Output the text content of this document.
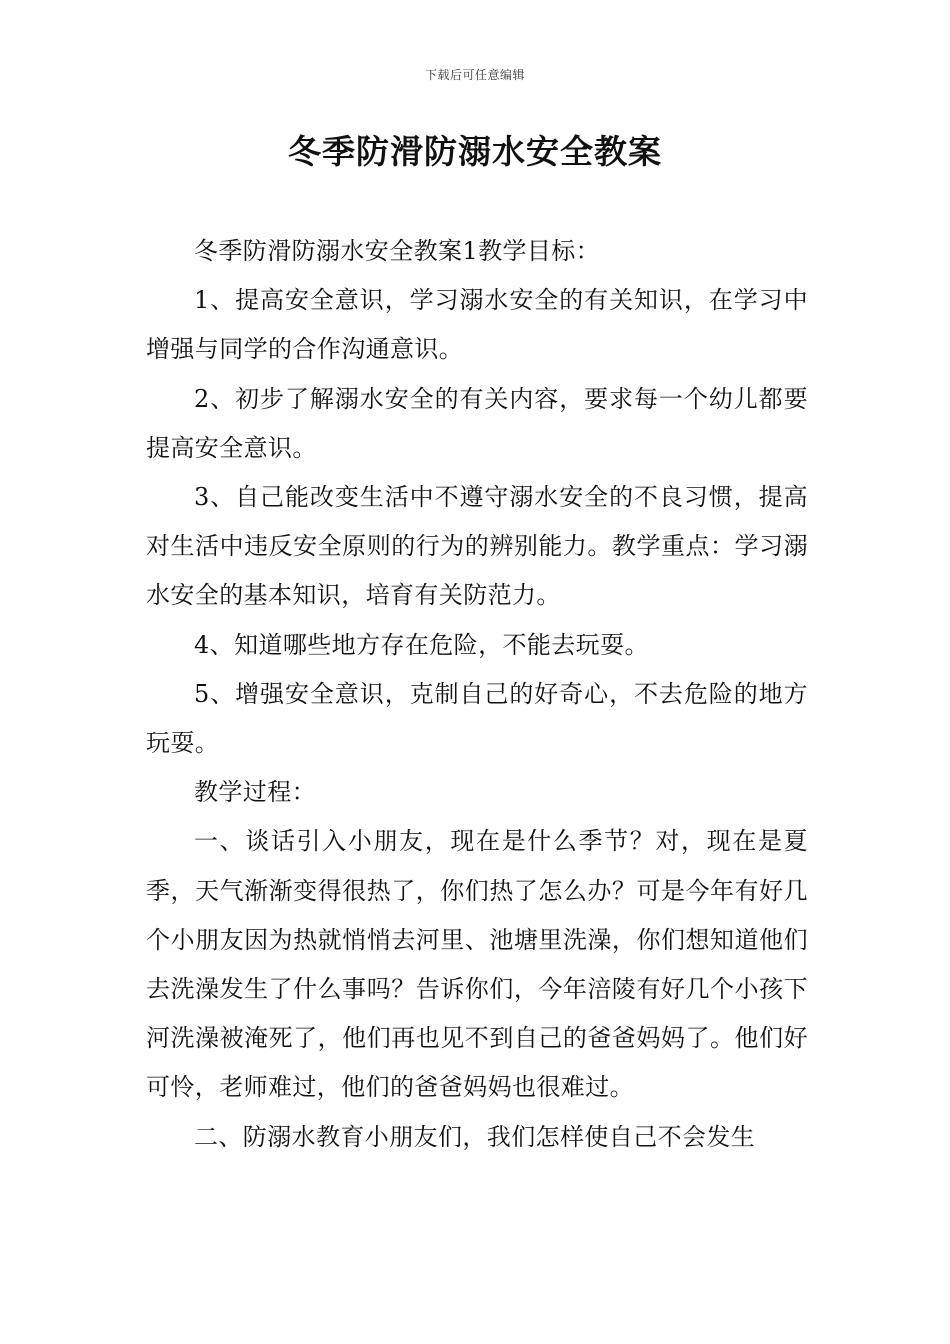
下载后可任意编辑
冬季防滑防溺水安全教案

冬季防滑防溺水安全教案1教学目标：

1、提高安全意识，学习溺水安全的有关知识，在学习中增强与同学的合作沟通意识。

2、初步了解溺水安全的有关内容，要求每一个幼儿都要提高安全意识。

3、自己能改变生活中不遵守溺水安全的不良习惯，提高对生活中违反安全原则的行为的辨别能力。教学重点：学习溺水安全的基本知识，培育有关防范力。

4、知道哪些地方存在危险，不能去玩耍。

5、增强安全意识，克制自己的好奇心，不去危险的地方玩耍。

教学过程：

一、谈话引入小朋友，现在是什么季节？对，现在是夏季，天气渐渐变得很热了，你们热了怎么办？可是今年有好几个小朋友因为热就悄悄去河里、池塘里洗澡，你们想知道他们去洗澡发生了什么事吗？告诉你们，今年涪陵有好几个小孩下河洗澡被淹死了，他们再也见不到自己的爸爸妈妈了。他们好可怜，老师难过，他们的爸爸妈妈也很难过。

二、防溺水教育小朋友们，我们怎样使自己不会发生
